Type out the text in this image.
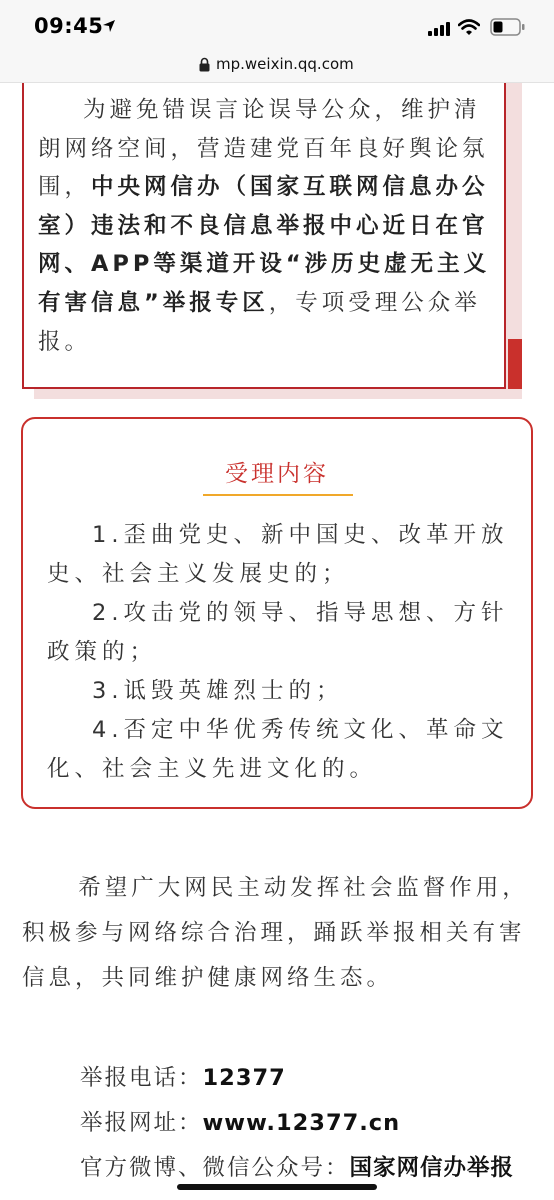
09:45
mp.weixin.qq.com

为避免错误言论误导公众，维护清朗网络空间，营造建党百年良好舆论氛围，中央网信办（国家互联网信息办公室）违法和不良信息举报中心近日在官网、APP等渠道开设“涉历史虚无主义有害信息”举报专区，专项受理公众举报。

受理内容

1.歪曲党史、新中国史、改革开放史、社会主义发展史的；

2.攻击党的领导、指导思想、方针政策的；

3.诋毁英雄烈士的；

4.否定中华优秀传统文化、革命文化、社会主义先进文化的。

希望广大网民主动发挥社会监督作用，积极参与网络综合治理，踊跃举报相关有害信息，共同维护健康网络生态。

举报电话：12377
举报网址：www.12377.cn
官方微博、微信公众号：国家网信办举报
